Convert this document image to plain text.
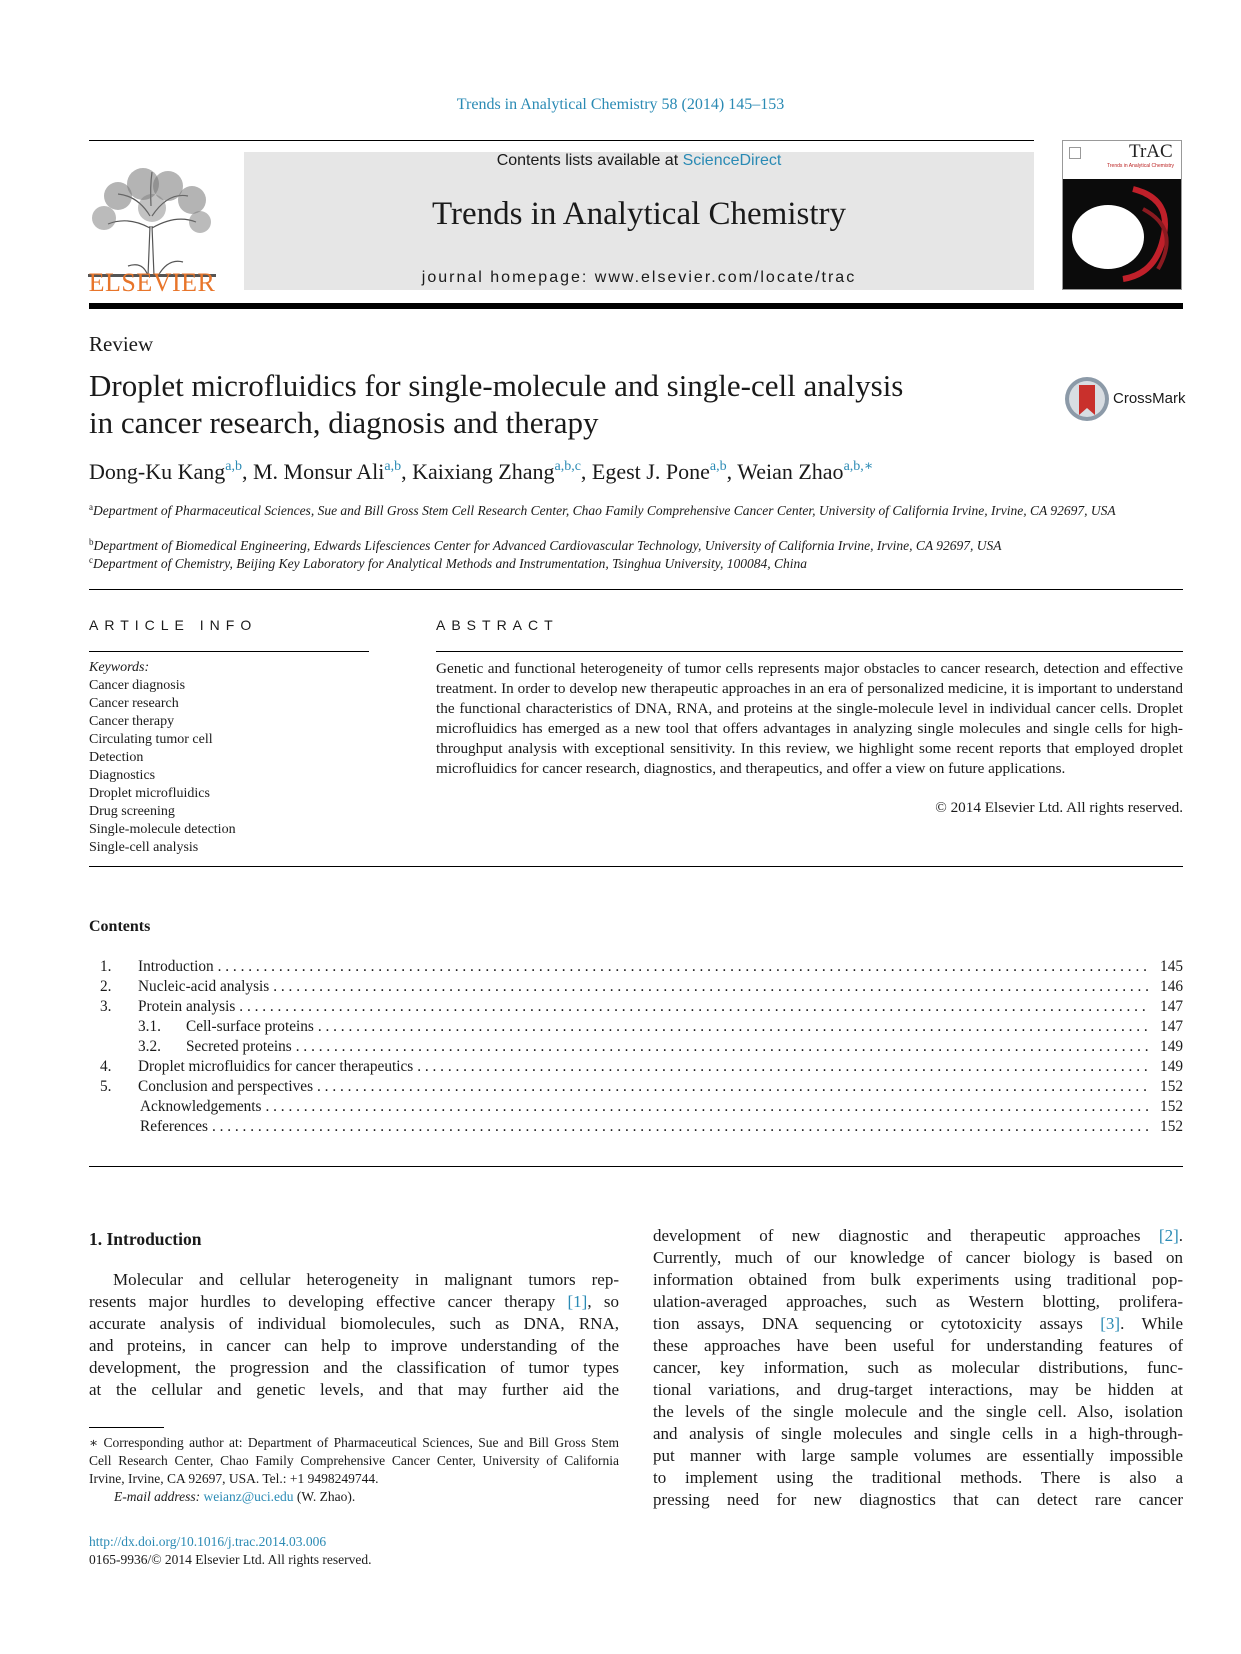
Trends in Analytical Chemistry 58 (2014) 145–153
ELSEVIER
Contents lists available at ScienceDirect
Trends in Analytical Chemistry
journal homepage: www.elsevier.com/locate/trac
TrAC
Trends in Analytical Chemistry
Review
Droplet microfluidics for single-molecule and single-cell analysis
in cancer research, diagnosis and therapy
CrossMark
Dong-Ku Kang$^{a,b}$, M. Monsur Ali$^{a,b}$, Kaixiang Zhang$^{a,b,c}$, Egest J. Pone$^{a,b}$, Weian Zhao$^{a,b,∗}$
$^a$Department of Pharmaceutical Sciences, Sue and Bill Gross Stem Cell Research Center, Chao Family Comprehensive Cancer Center, University of California Irvine, Irvine, CA 92697, USA
$^b$Department of Biomedical Engineering, Edwards Lifesciences Center for Advanced Cardiovascular Technology, University of California Irvine, Irvine, CA 92697, USA
$^c$Department of Chemistry, Beijing Key Laboratory for Analytical Methods and Instrumentation, Tsinghua University, 100084, China
ARTICLE INFO	ABSTRACT
Keywords:
Cancer diagnosis
Cancer research
Cancer therapy
Circulating tumor cell
Detection
Diagnostics
Droplet microfluidics
Drug screening
Single-molecule detection
Single-cell analysis
Genetic and functional heterogeneity of tumor cells represents major obstacles to cancer research, detection and effective treatment. In order to develop new therapeutic approaches in an era of personalized medicine, it is important to understand the functional characteristics of DNA, RNA, and proteins at the single-molecule level in individual cancer cells. Droplet microfluidics has emerged as a new tool that offers advantages in analyzing single molecules and single cells for high-throughput analysis with exceptional sensitivity. In this review, we highlight some recent reports that employed droplet microfluidics for cancer research, diagnostics, and therapeutics, and offer a view on future applications.
© 2014 Elsevier Ltd. All rights reserved.
Contents
1.	Introduction . . .	145
2.	Nucleic-acid analysis . . .	146
3.	Protein analysis . . .	147
3.1.	Cell-surface proteins . . .	147
3.2.	Secreted proteins . . .	149
4.	Droplet microfluidics for cancer therapeutics . . .	149
5.	Conclusion and perspectives . . .	152
Acknowledgements . . .	152
References . . .	152
1. Introduction
Molecular and cellular heterogeneity in malignant tumors rep-
resents major hurdles to developing effective cancer therapy [1], so
accurate analysis of individual biomolecules, such as DNA, RNA,
and proteins, in cancer can help to improve understanding of the
development, the progression and the classification of tumor types
at the cellular and genetic levels, and that may further aid the
development of new diagnostic and therapeutic approaches [2].
Currently, much of our knowledge of cancer biology is based on
information obtained from bulk experiments using traditional pop-
ulation-averaged approaches, such as Western blotting, prolifera-
tion assays, DNA sequencing or cytotoxicity assays [3]. While
these approaches have been useful for understanding features of
cancer, key information, such as molecular distributions, func-
tional variations, and drug-target interactions, may be hidden at
the levels of the single molecule and the single cell. Also, isolation
and analysis of single molecules and single cells in a high-through-
put manner with large sample volumes are essentially impossible
to implement using the traditional methods. There is also a
pressing need for new diagnostics that can detect rare cancer
∗ Corresponding author at: Department of Pharmaceutical Sciences, Sue and Bill Gross Stem Cell Research Center, Chao Family Comprehensive Cancer Center, University of California Irvine, Irvine, CA 92697, USA. Tel.: +1 9498249744.
E-mail address: weianz@uci.edu (W. Zhao).
http://dx.doi.org/10.1016/j.trac.2014.03.006
0165-9936/© 2014 Elsevier Ltd. All rights reserved.
